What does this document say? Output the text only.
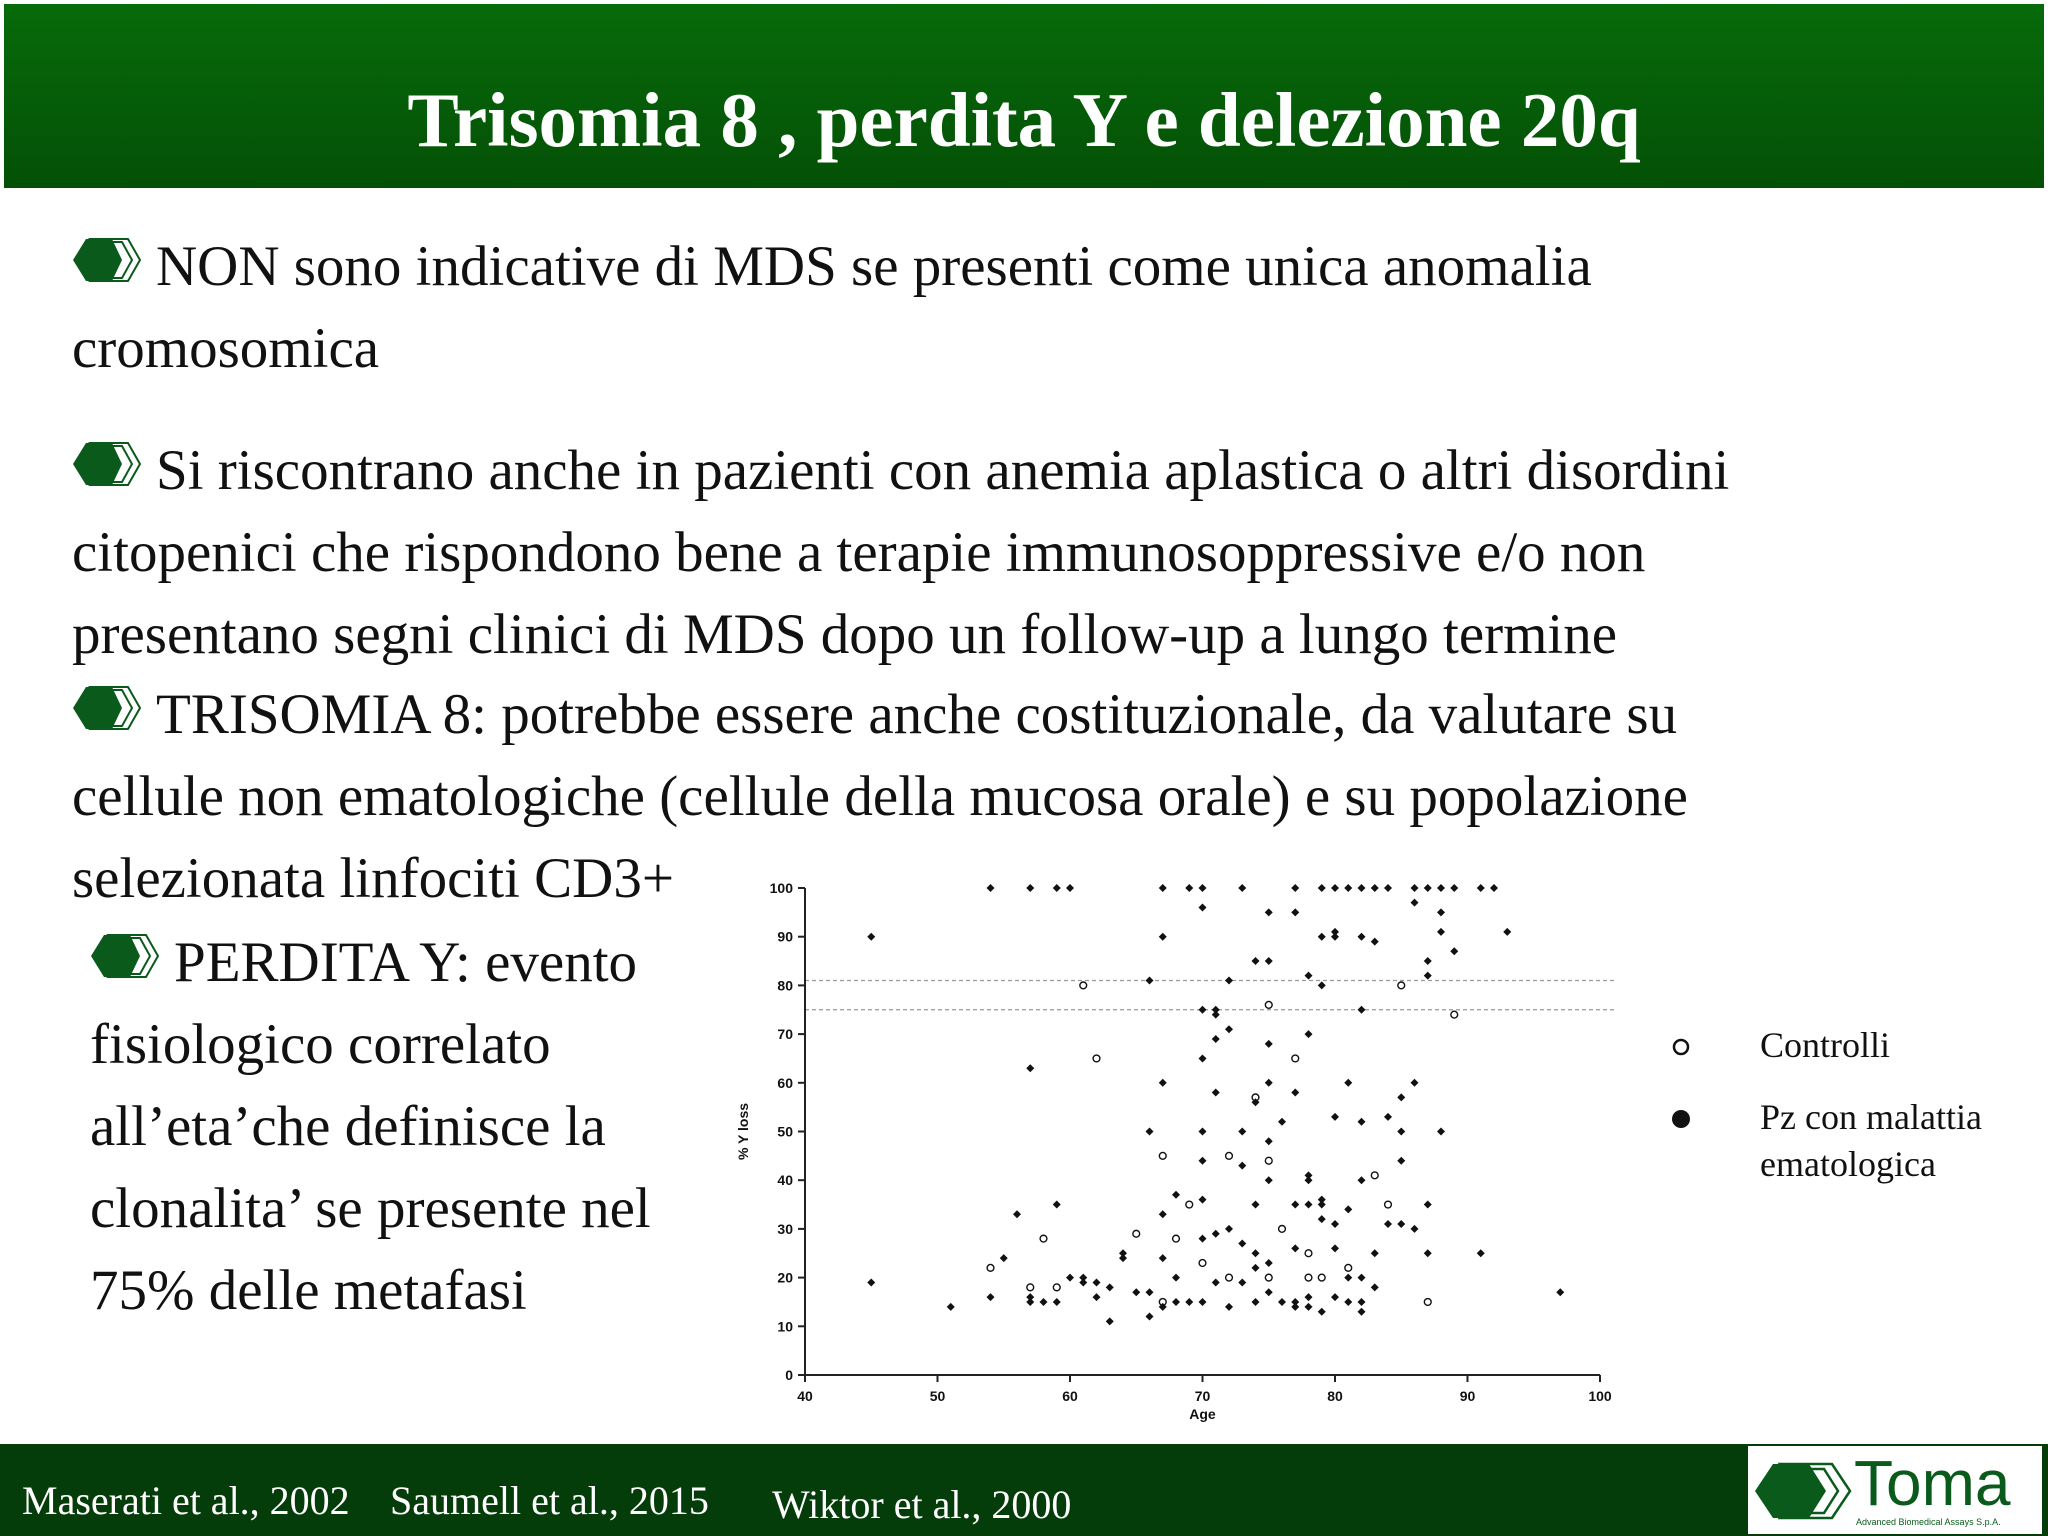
Trisomia 8 , perdita Y e delezione 20q
NON sono indicative di MDS se presenti come unica anomalia
cromosomica
Si riscontrano anche in pazienti con anemia aplastica o altri disordini
citopenici che rispondono bene a terapie immunosoppressive e/o non
presentano segni clinici di MDS dopo un follow-up a lungo termine
TRISOMIA 8: potrebbe essere anche costituzionale, da valutare su
cellule non ematologiche (cellule della mucosa orale) e su popolazione
selezionata linfociti CD3+
PERDITA Y: evento
fisiologico correlato
all’eta’che definisce la
clonalita’ se presente nel
75% delle metafasi
40	50	60	70	80	90	100
0
10
20
30
40
50
60
70
80
90
100
Age
% Y loss
Controlli
Pz con malattia
ematologica
Maserati et al., 2002 Saumell et al., 2015 Wiktor et al., 2000	Toma
Advanced Biomedical Assays S.p.A.
